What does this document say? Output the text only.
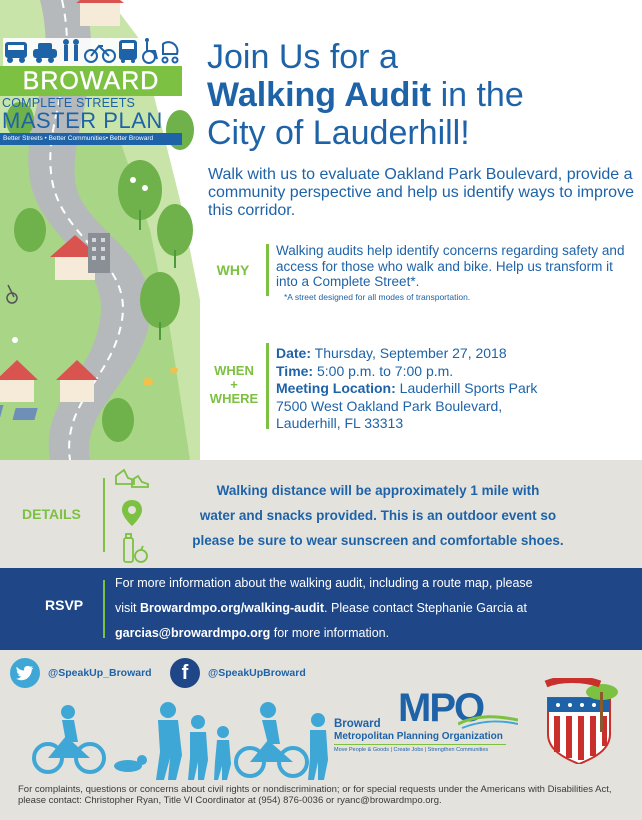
BROWARD
COMPLETE STREETS
MASTER PLAN
Better Streets • Better Communities• Better Broward
Join Us for a
Walking Audit in the
City of Lauderhill!
Walk with us to evaluate Oakland Park Boulevard, provide a community perspective and help us identify ways to improve this corridor.
WHY
Walking audits help identify concerns regarding safety and access for those who walk and bike. Help us transform it into a Complete Street*.
*A street designed for all modes of transportation.
WHEN
+
WHERE
Date: Thursday, September 27, 2018
Time: 5:00 p.m. to 7:00 p.m.
Meeting Location: Lauderhill Sports Park
7500 West Oakland Park Boulevard,
Lauderhill, FL 33313
DETAILS
Walking distance will be approximately 1 mile with
water and snacks provided. This is an outdoor event so
please be sure to wear sunscreen and comfortable shoes.
RSVP
For more information about the walking audit, including a route map, please
visit Browardmpo.org/walking-audit. Please contact Stephanie Garcia at
garcias@browardmpo.org for more information.
@SpeakUp_Broward	f	@SpeakUpBroward
Broward MPO
Metropolitan Planning Organization
Move People & Goods | Create Jobs | Strengthen Communities
For complaints, questions or concerns about civil rights or nondiscrimination; or for special requests under the Americans with Disabilities Act, please contact: Christopher Ryan, Title VI Coordinator at (954) 876-0036 or ryanc@browardmpo.org.
